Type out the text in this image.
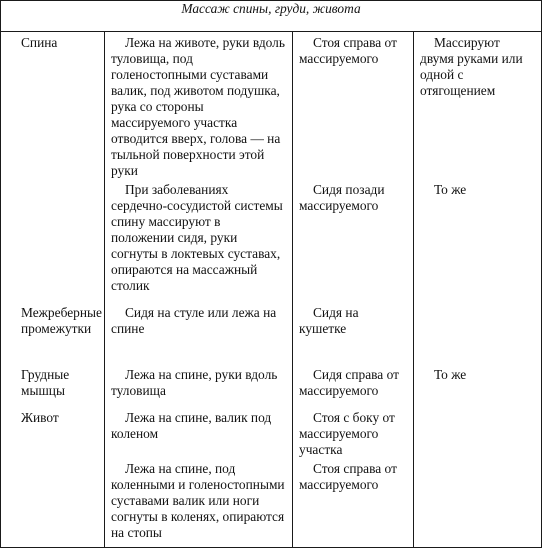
Массаж спины, груди, живота			
Спина	Лежа на животе, руки вдоль туловища, под голеностопными суставами валик, под животом подушка, рука со стороны массируемого участка отводится вверх, голова — на тыльной поверхности этой руки	Стоя справа от массируемого	Массируют двумя руками или одной с отягощением
	При заболеваниях сердечно-сосудистой системы спину массируют в положении сидя, руки согнуты в локтевых суставах, опираются на массажный столик	Сидя позади массируемого	То же
Межреберные промежутки	Сидя на стуле или лежа на спине	Сидя на кушетке	
Грудные мышцы	Лежа на спине, руки вдоль туловища	Сидя справа от массируемого	То же
Живот	Лежа на спине, валик под коленом	Стоя с боку от массируемого участка	
	Лежа на спине, под коленными и голеностопными суставами валик или ноги согнуты в коленях, опираются на стопы	Стоя справа от массируемого	
